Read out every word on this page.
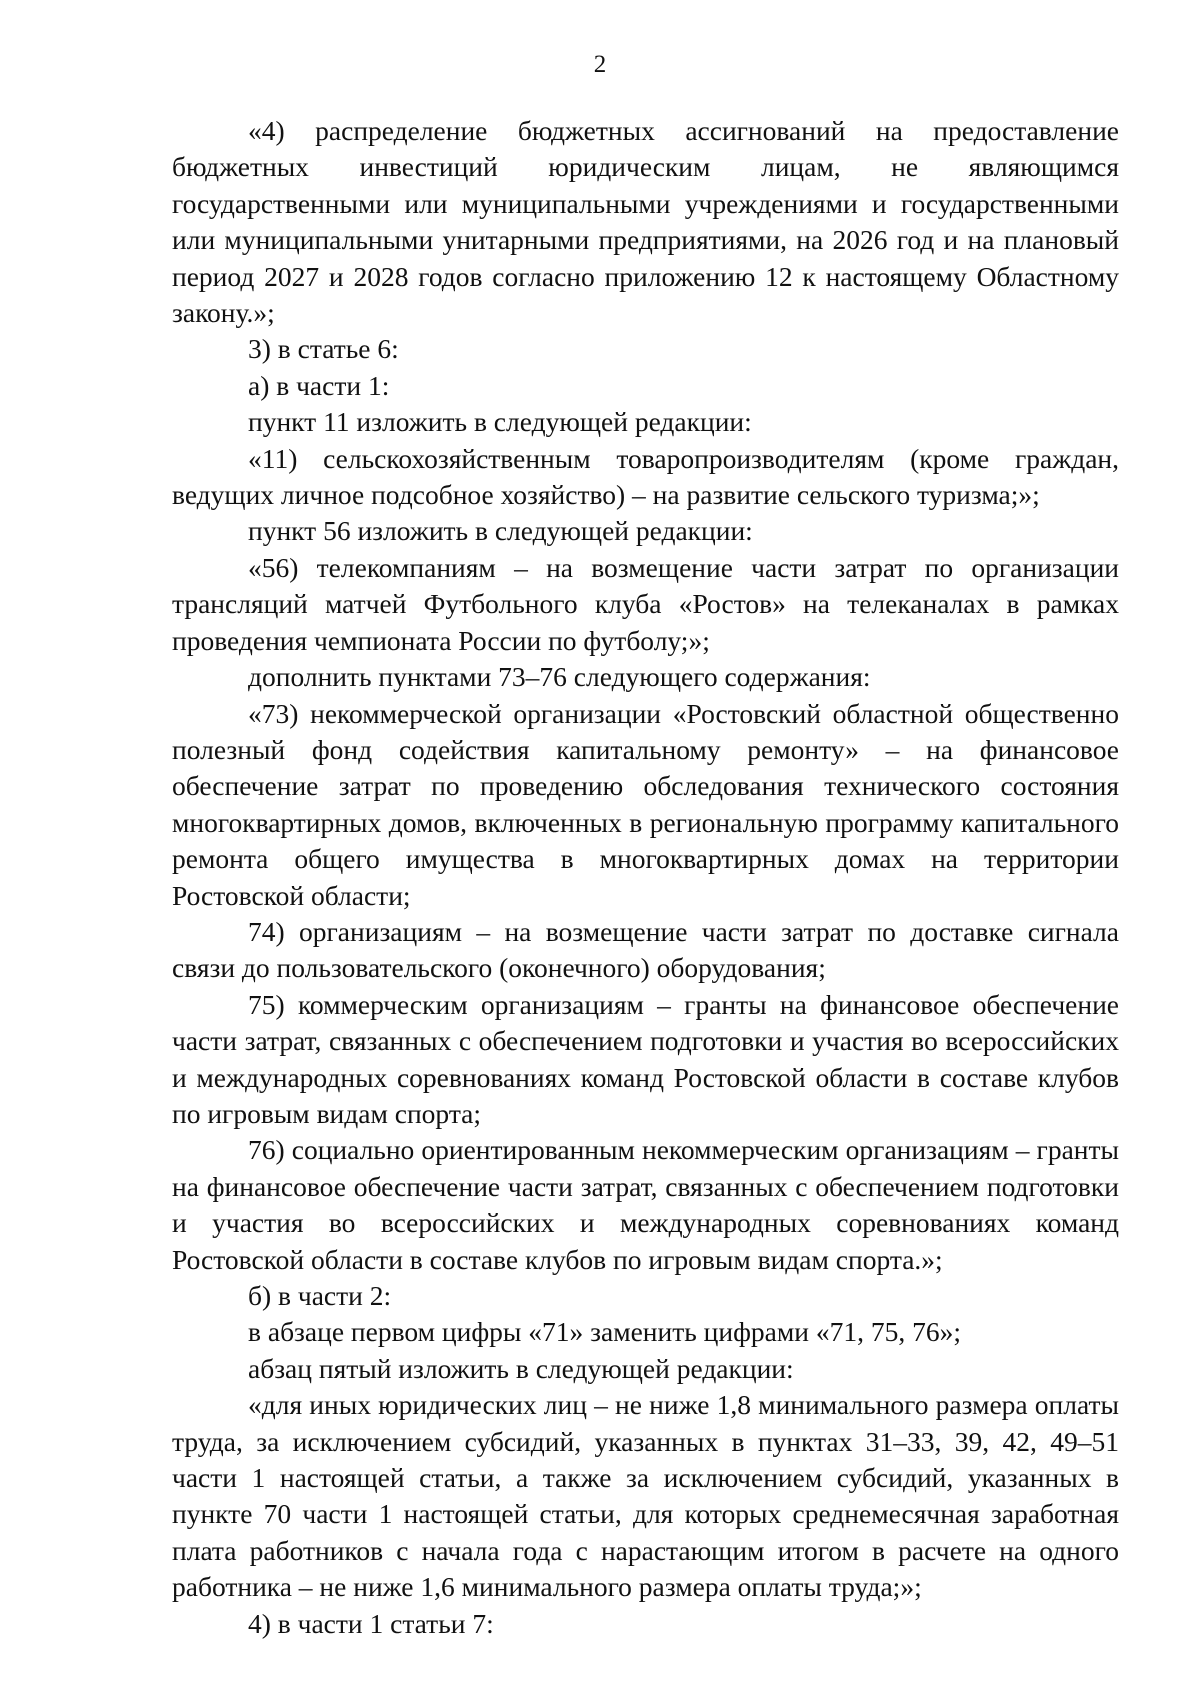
2

«4) распределение бюджетных ассигнований на предоставление бюджетных инвестиций юридическим лицам, не являющимся государственными или муниципальными учреждениями и государственными или муниципальными унитарными предприятиями, на 2026 год и на плановый период 2027 и 2028 годов согласно приложению 12 к настоящему Областному закону.»;

3) в статье 6:

а) в части 1:

пункт 11 изложить в следующей редакции:

«11) сельскохозяйственным товаропроизводителям (кроме граждан, ведущих личное подсобное хозяйство) – на развитие сельского туризма;»;

пункт 56 изложить в следующей редакции:

«56) телекомпаниям – на возмещение части затрат по организации трансляций матчей Футбольного клуба «Ростов» на телеканалах в рамках проведения чемпионата России по футболу;»;

дополнить пунктами 73–76 следующего содержания:

«73) некоммерческой организации «Ростовский областной общественно полезный фонд содействия капитальному ремонту» – на финансовое обеспечение затрат по проведению обследования технического состояния многоквартирных домов, включенных в региональную программу капитального ремонта общего имущества в многоквартирных домах на территории Ростовской области;

74) организациям – на возмещение части затрат по доставке сигнала связи до пользовательского (оконечного) оборудования;

75) коммерческим организациям – гранты на финансовое обеспечение части затрат, связанных с обеспечением подготовки и участия во всероссийских и международных соревнованиях команд Ростовской области в составе клубов по игровым видам спорта;

76) социально ориентированным некоммерческим организациям – гранты на финансовое обеспечение части затрат, связанных с обеспечением подготовки и участия во всероссийских и международных соревнованиях команд Ростовской области в составе клубов по игровым видам спорта.»;

б) в части 2:

в абзаце первом цифры «71» заменить цифрами «71, 75, 76»;

абзац пятый изложить в следующей редакции:

«для иных юридических лиц – не ниже 1,8 минимального размера оплаты труда, за исключением субсидий, указанных в пунктах 31–33, 39, 42, 49–51 части 1 настоящей статьи, а также за исключением субсидий, указанных в пункте 70 части 1 настоящей статьи, для которых среднемесячная заработная плата работников с начала года с нарастающим итогом в расчете на одного работника – не ниже 1,6 минимального размера оплаты труда;»;

4) в части 1 статьи 7:
